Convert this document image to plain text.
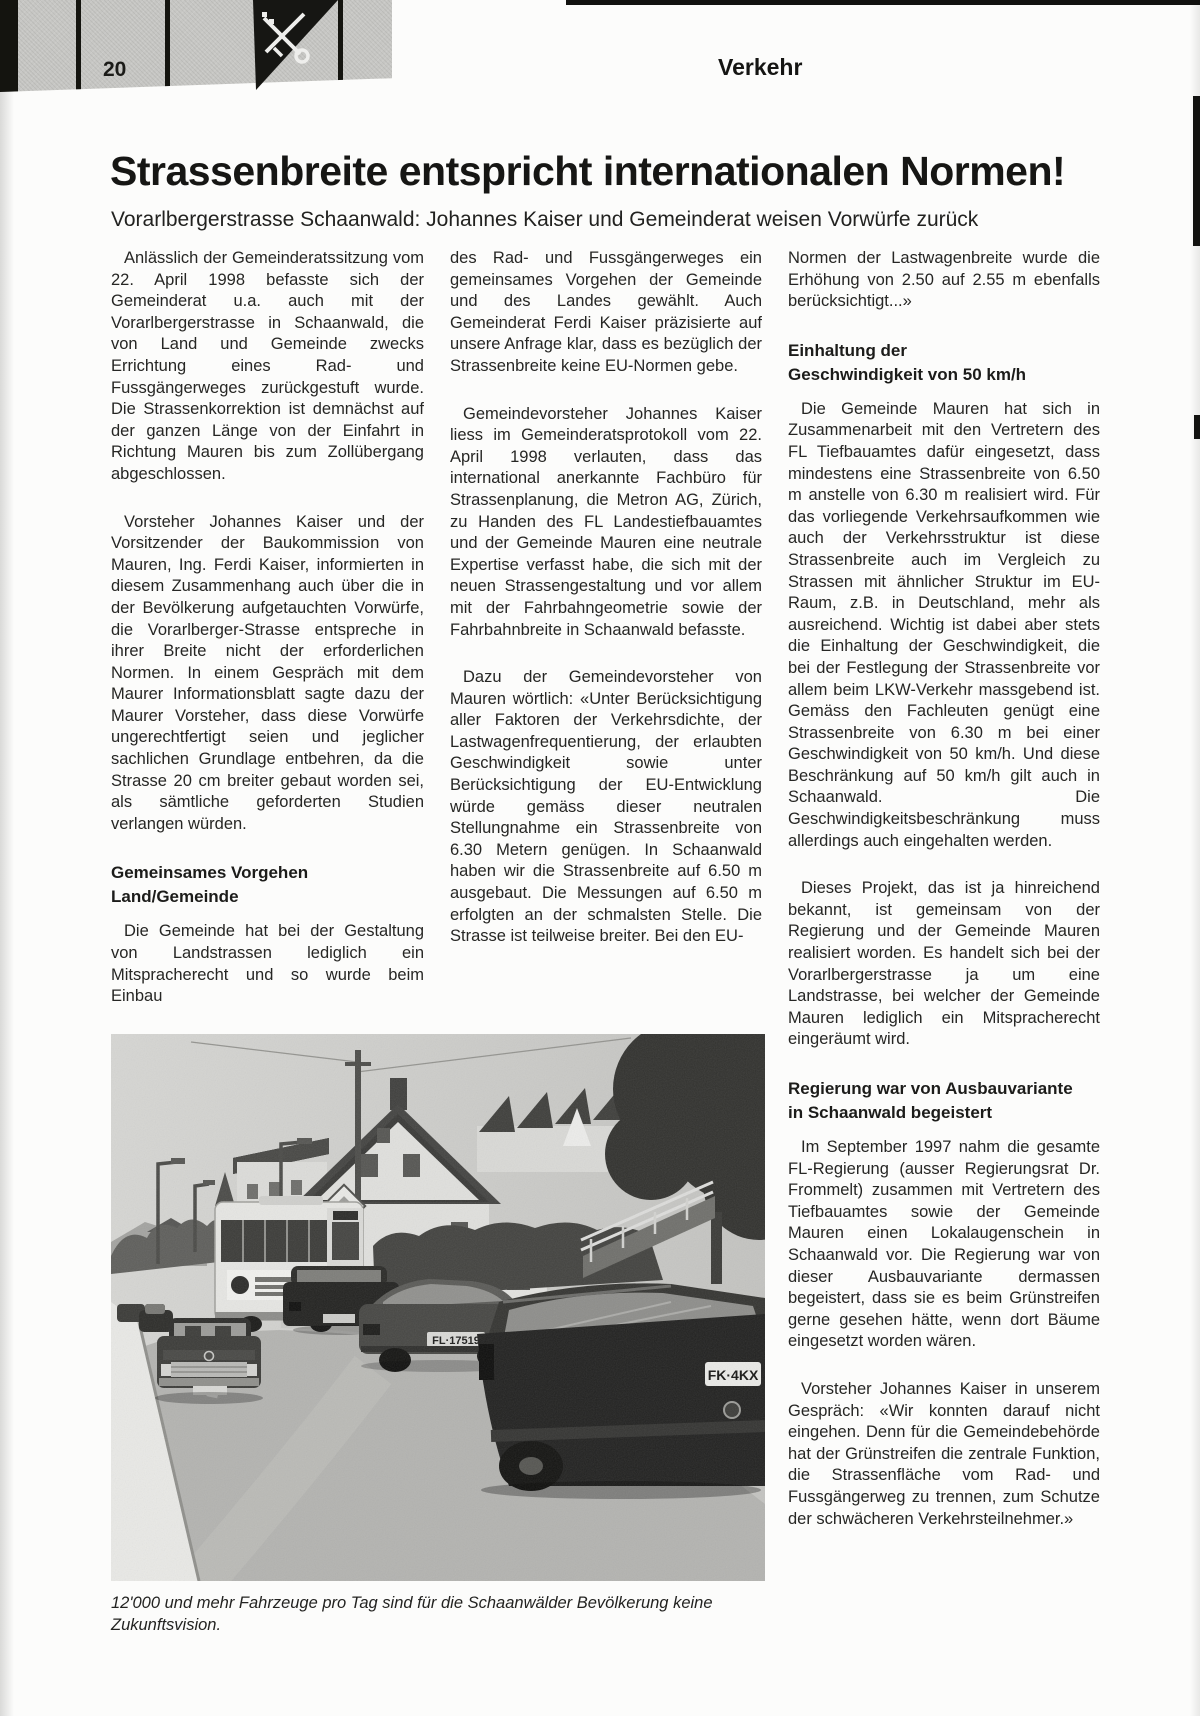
20	Verkehr
Strassenbreite entspricht internationalen Normen!
Vorarlbergerstrasse Schaanwald: Johannes Kaiser und Gemeinderat weisen Vorwürfe zurück

Anlässlich der Gemeinderatssitzung vom 22. April 1998 befasste sich der Gemeinderat u.a. auch mit der Vorarlbergerstrasse in Schaanwald, die von Land und Gemeinde zwecks Errichtung eines Rad- und Fussgängerweges zurückgestuft wurde. Die Strassenkorrektion ist demnächst auf der ganzen Länge von der Einfahrt in Richtung Mauren bis zum Zollübergang abgeschlossen.

Vorsteher Johannes Kaiser und der Vorsitzender der Baukommission von Mauren, Ing. Ferdi Kaiser, informierten in diesem Zusammenhang auch über die in der Bevölkerung aufgetauchten Vorwürfe, die Vorarlberger-Strasse entspreche in ihrer Breite nicht der erforderlichen Normen. In einem Gespräch mit dem Maurer Informationsblatt sagte dazu der Maurer Vorsteher, dass diese Vorwürfe ungerechtfertigt seien und jeglicher sachlichen Grundlage entbehren, da die Strasse 20 cm breiter gebaut worden sei, als sämtliche geforderten Studien verlangen würden.

Gemeinsames Vorgehen Land/Gemeinde

Die Gemeinde hat bei der Gestaltung von Landstrassen lediglich ein Mitspracherecht und so wurde beim Einbau

des Rad- und Fussgängerweges ein gemeinsames Vorgehen der Gemeinde und des Landes gewählt. Auch Gemeinderat Ferdi Kaiser präzisierte auf unsere Anfrage klar, dass es bezüglich der Strassenbreite keine EU-Normen gebe.

Gemeindevorsteher Johannes Kaiser liess im Gemeinderatsprotokoll vom 22. April 1998 verlauten, dass das international anerkannte Fachbüro für Strassenplanung, die Metron AG, Zürich, zu Handen des FL Landestiefbauamtes und der Gemeinde Mauren eine neutrale Expertise verfasst habe, die sich mit der neuen Strassengestaltung und vor allem mit der Fahrbahngeometrie sowie der Fahrbahnbreite in Schaanwald befasste.

Dazu der Gemeindevorsteher von Mauren wörtlich: «Unter Berücksichtigung aller Faktoren der Verkehrsdichte, der Lastwagenfrequentierung, der erlaubten Geschwindigkeit sowie unter Berücksichtigung der EU-Entwicklung würde gemäss dieser neutralen Stellungnahme ein Strassenbreite von 6.30 Metern genügen. In Schaanwald haben wir die Strassenbreite auf 6.50 m ausgebaut. Die Messungen auf 6.50 m erfolgten an der schmalsten Stelle. Die Strasse ist teilweise breiter. Bei den EU-

Normen der Lastwagenbreite wurde die Erhöhung von 2.50 auf 2.55 m ebenfalls berücksichtigt...»

Einhaltung der Geschwindigkeit von 50 km/h

Die Gemeinde Mauren hat sich in Zusammenarbeit mit den Vertretern des FL Tiefbauamtes dafür eingesetzt, dass mindestens eine Strassenbreite von 6.50 m anstelle von 6.30 m realisiert wird. Für das vorliegende Verkehrsaufkommen wie auch der Verkehrsstruktur ist diese Strassenbreite auch im Vergleich zu Strassen mit ähnlicher Struktur im EU-Raum, z.B. in Deutschland, mehr als ausreichend. Wichtig ist dabei aber stets die Einhaltung der Geschwindigkeit, die bei der Festlegung der Strassenbreite vor allem beim LKW-Verkehr massgebend ist. Gemäss den Fachleuten genügt eine Strassenbreite von 6.30 m bei einer Geschwindigkeit von 50 km/h. Und diese Beschränkung auf 50 km/h gilt auch in Schaanwald. Die Geschwindigkeitsbeschränkung muss allerdings auch eingehalten werden.

Dieses Projekt, das ist ja hinreichend bekannt, ist gemeinsam von der Regierung und der Gemeinde Mauren realisiert worden. Es handelt sich bei der Vorarlbergerstrasse ja um eine Landstrasse, bei welcher der Gemeinde Mauren lediglich ein Mitspracherecht eingeräumt wird.

Regierung war von Ausbauvariante in Schaanwald begeistert

Im September 1997 nahm die gesamte FL-Regierung (ausser Regierungsrat Dr. Frommelt) zusammen mit Vertretern des Tiefbauamtes sowie der Gemeinde Mauren einen Lokalaugenschein in Schaanwald vor. Die Regierung war von dieser Ausbauvariante dermassen begeistert, dass sie es beim Grünstreifen gerne gesehen hätte, wenn dort Bäume eingesetzt worden wären.

Vorsteher Johannes Kaiser in unserem Gespräch: «Wir konnten darauf nicht eingehen. Denn für die Gemeindebehörde hat der Grünstreifen die zentrale Funktion, die Strassenfläche vom Rad- und Fussgängerweg zu trennen, zum Schutze der schwächeren Verkehrsteilnehmer.»

12'000 und mehr Fahrzeuge pro Tag sind für die Schaanwälder Bevölkerung keine Zukunftsvision.
